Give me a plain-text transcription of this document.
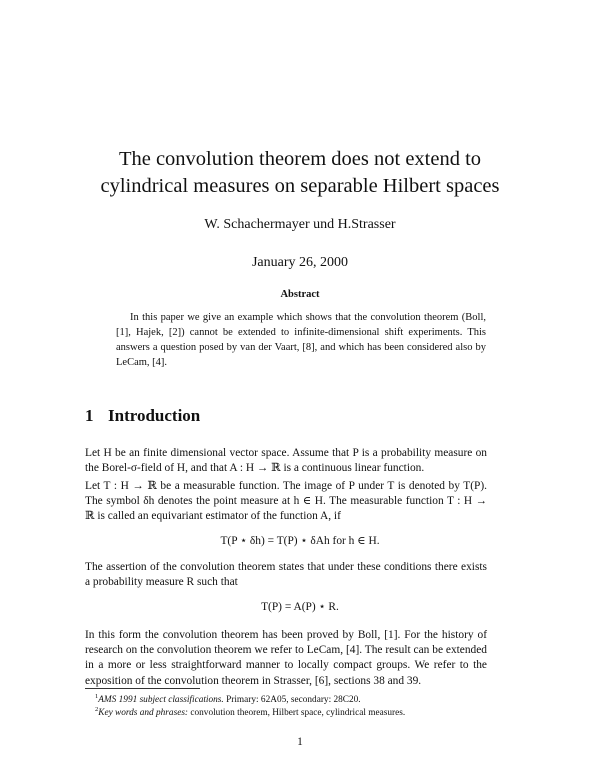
The convolution theorem does not extend to
cylindrical measures on separable Hilbert spaces
W. Schachermayer und H.Strasser
January 26, 2000
Abstract
In this paper we give an example which shows that the convolution theorem (Boll, [1], Hajek, [2]) cannot be extended to infinite-dimensional shift experiments. This answers a question posed by van der Vaart, [8], and which has been considered also by LeCam, [4].
1 Introduction
Let H be an finite dimensional vector space. Assume that P is a probability measure on the Borel-σ-field of H, and that A : H → ℝ is a continuous linear function.
Let T : H → ℝ be a measurable function. The image of P under T is denoted by T(P). The symbol δh denotes the point measure at h ∈ H. The measurable function T : H → ℝ is called an equivariant estimator of the function A, if
T(P ⋆ δh) = T(P) ⋆ δAh for h ∈ H.
The assertion of the convolution theorem states that under these conditions there exists a probability measure R such that
T(P) = A(P) ⋆ R.
In this form the convolution theorem has been proved by Boll, [1]. For the history of research on the convolution theorem we refer to LeCam, [4]. The result can be extended in a more or less straightforward manner to locally compact groups. We refer to the exposition of the convolution theorem in Strasser, [6], sections 38 and 39.
$^1$AMS 1991 subject classifications. Primary: 62A05, secondary: 28C20.
$^2$Key words and phrases: convolution theorem, Hilbert space, cylindrical measures.
1
